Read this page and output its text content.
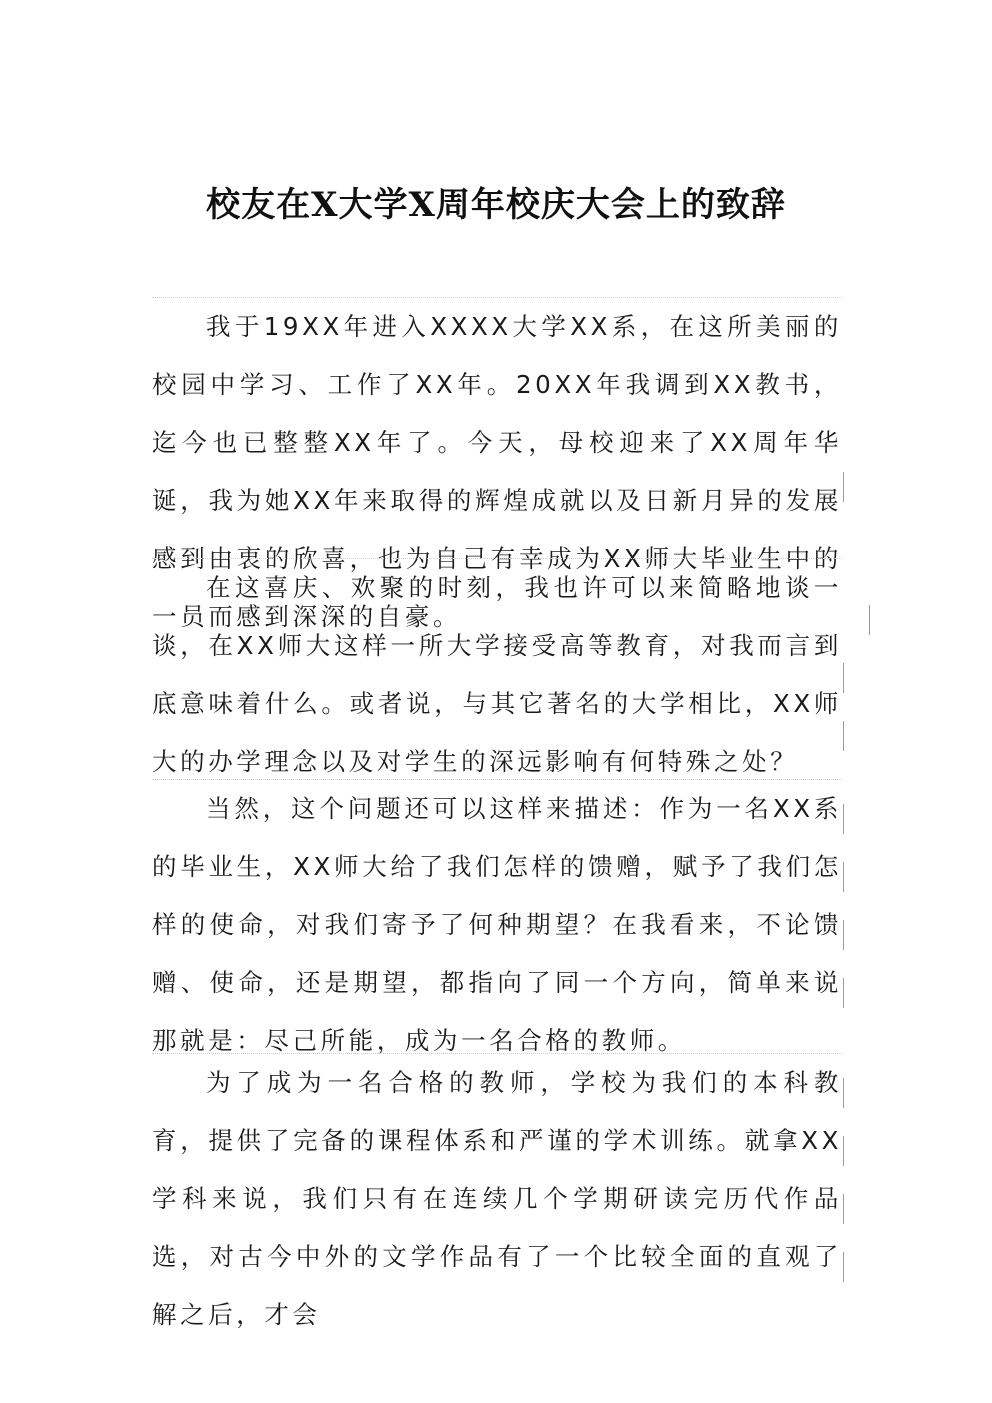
校友在X大学X周年校庆大会上的致辞

我于19XX年进入XXXX大学XX系，在这所美丽的校园中学习、工作了XX年。20XX年我调到XX教书，迄今也已整整XX年了。今天，母校迎来了XX周年华诞，我为她XX年来取得的辉煌成就以及日新月异的发展感到由衷的欣喜，也为自己有幸成为XX师大毕业生中的一员而感到深深的自豪。

在这喜庆、欢聚的时刻，我也许可以来简略地谈一谈，在XX师大这样一所大学接受高等教育，对我而言到底意味着什么。或者说，与其它著名的大学相比，XX师大的办学理念以及对学生的深远影响有何特殊之处？

当然，这个问题还可以这样来描述：作为一名XX系的毕业生，XX师大给了我们怎样的馈赠，赋予了我们怎样的使命，对我们寄予了何种期望？在我看来，不论馈赠、使命，还是期望，都指向了同一个方向，简单来说那就是：尽己所能，成为一名合格的教师。

为了成为一名合格的教师，学校为我们的本科教育，提供了完备的课程体系和严谨的学术训练。就拿XX学科来说，我们只有在连续几个学期研读完历代作品选，对古今中外的文学作品有了一个比较全面的直观了解之后，才会
